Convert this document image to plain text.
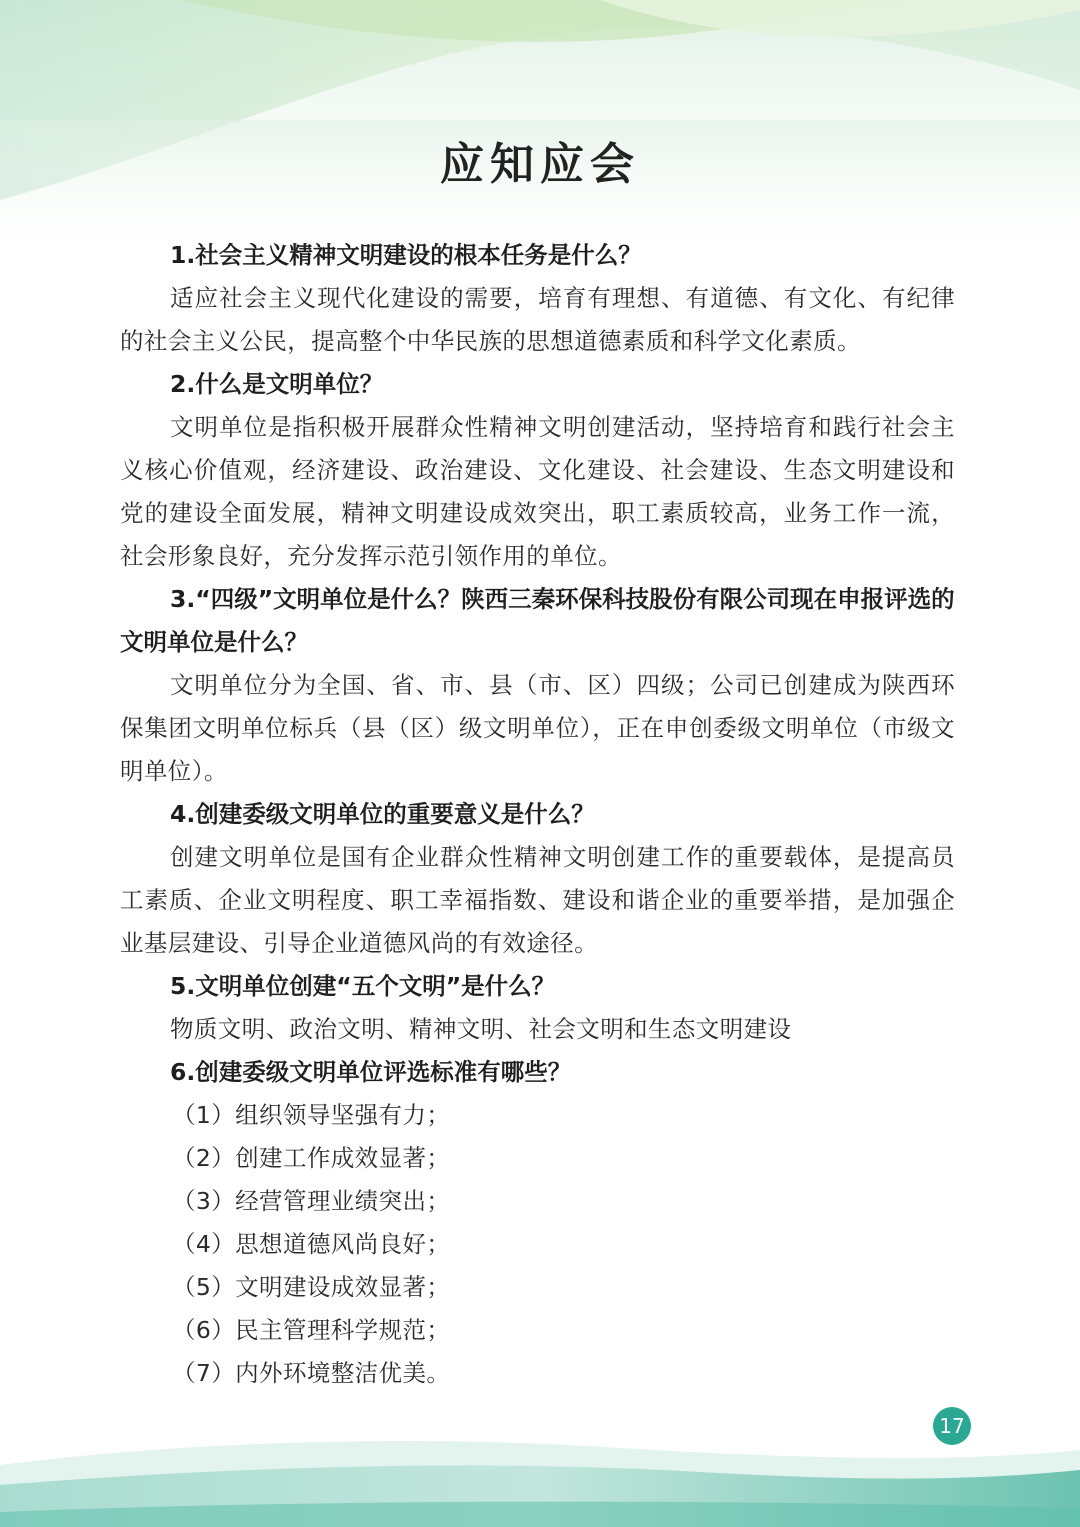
应知应会

1.社会主义精神文明建设的根本任务是什么？

适应社会主义现代化建设的需要，培育有理想、有道德、有文化、有纪律的社会主义公民，提高整个中华民族的思想道德素质和科学文化素质。

2.什么是文明单位？

文明单位是指积极开展群众性精神文明创建活动，坚持培育和践行社会主义核心价值观，经济建设、政治建设、文化建设、社会建设、生态文明建设和党的建设全面发展，精神文明建设成效突出，职工素质较高，业务工作一流，社会形象良好，充分发挥示范引领作用的单位。

3.“四级”文明单位是什么？陕西三秦环保科技股份有限公司现在申报评选的文明单位是什么？

文明单位分为全国、省、市、县（市、区）四级；公司已创建成为陕西环保集团文明单位标兵（县（区）级文明单位），正在申创委级文明单位（市级文明单位）。

4.创建委级文明单位的重要意义是什么？

创建文明单位是国有企业群众性精神文明创建工作的重要载体，是提高员工素质、企业文明程度、职工幸福指数、建设和谐企业的重要举措，是加强企业基层建设、引导企业道德风尚的有效途径。

5.文明单位创建“五个文明”是什么？

物质文明、政治文明、精神文明、社会文明和生态文明建设

6.创建委级文明单位评选标准有哪些？

（1）组织领导坚强有力；

（2）创建工作成效显著；

（3）经营管理业绩突出；

（4）思想道德风尚良好；

（5）文明建设成效显著；

（6）民主管理科学规范；

（7）内外环境整洁优美。

17
